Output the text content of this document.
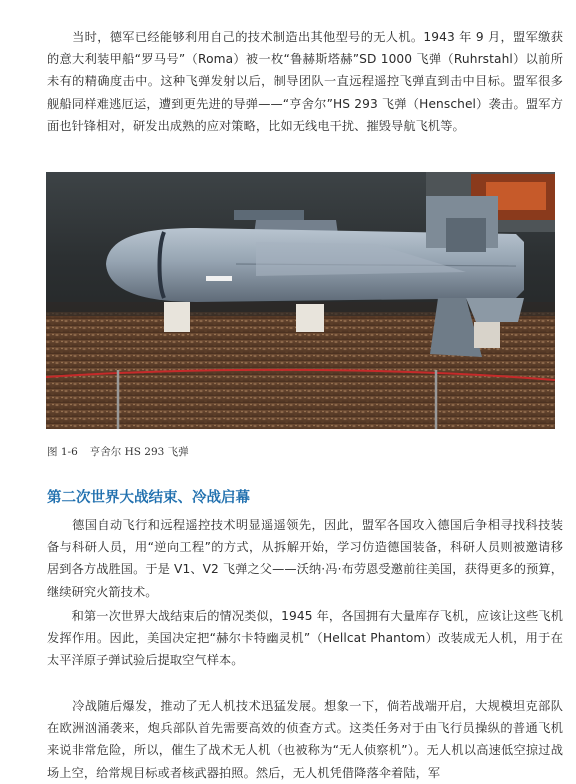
　　当时，德军已经能够利用自己的技术制造出其他型号的无人机。1943 年 9 月，盟军缴获的意大利装甲船“罗马号”（Roma）被一枚“鲁赫斯塔赫”SD 1000 飞弹（Ruhrstahl）以前所未有的精确度击中。这种飞弹发射以后，制导团队一直远程遥控飞弹直到击中目标。盟军很多舰船同样难逃厄运，遭到更先进的导弹——“亨舍尔”HS 293 飞弹（Henschel）袭击。盟军方面也针锋相对，研发出成熟的应对策略，比如无线电干扰、摧毁导航飞机等。

图 1-6 亨舍尔 HS 293 飞弹
第二次世界大战结束、冷战启幕

　　德国自动飞行和远程遥控技术明显遥遥领先，因此，盟军各国攻入德国后争相寻找科技装备与科研人员，用“逆向工程”的方式，从拆解开始，学习仿造德国装备，科研人员则被邀请移居到各方战胜国。于是 V1、V2 飞弹之父——沃纳·冯·布劳恩受邀前往美国，获得更多的预算，继续研究火箭技术。

　　和第一次世界大战结束后的情况类似，1945 年，各国拥有大量库存飞机，应该让这些飞机发挥作用。因此，美国决定把“赫尔卡特幽灵机”（Hellcat Phantom）改装成无人机，用于在太平洋原子弹试验后提取空气样本。

　　冷战随后爆发，推动了无人机技术迅猛发展。想象一下，倘若战端开启，大规模坦克部队在欧洲汹涌袭来，炮兵部队首先需要高效的侦查方式。这类任务对于由飞行员操纵的普通飞机来说非常危险，所以，催生了战术无人机（也被称为“无人侦察机”）。无人机以高速低空掠过战场上空，给常规目标或者核武器拍照。然后，无人机凭借降落伞着陆，军
